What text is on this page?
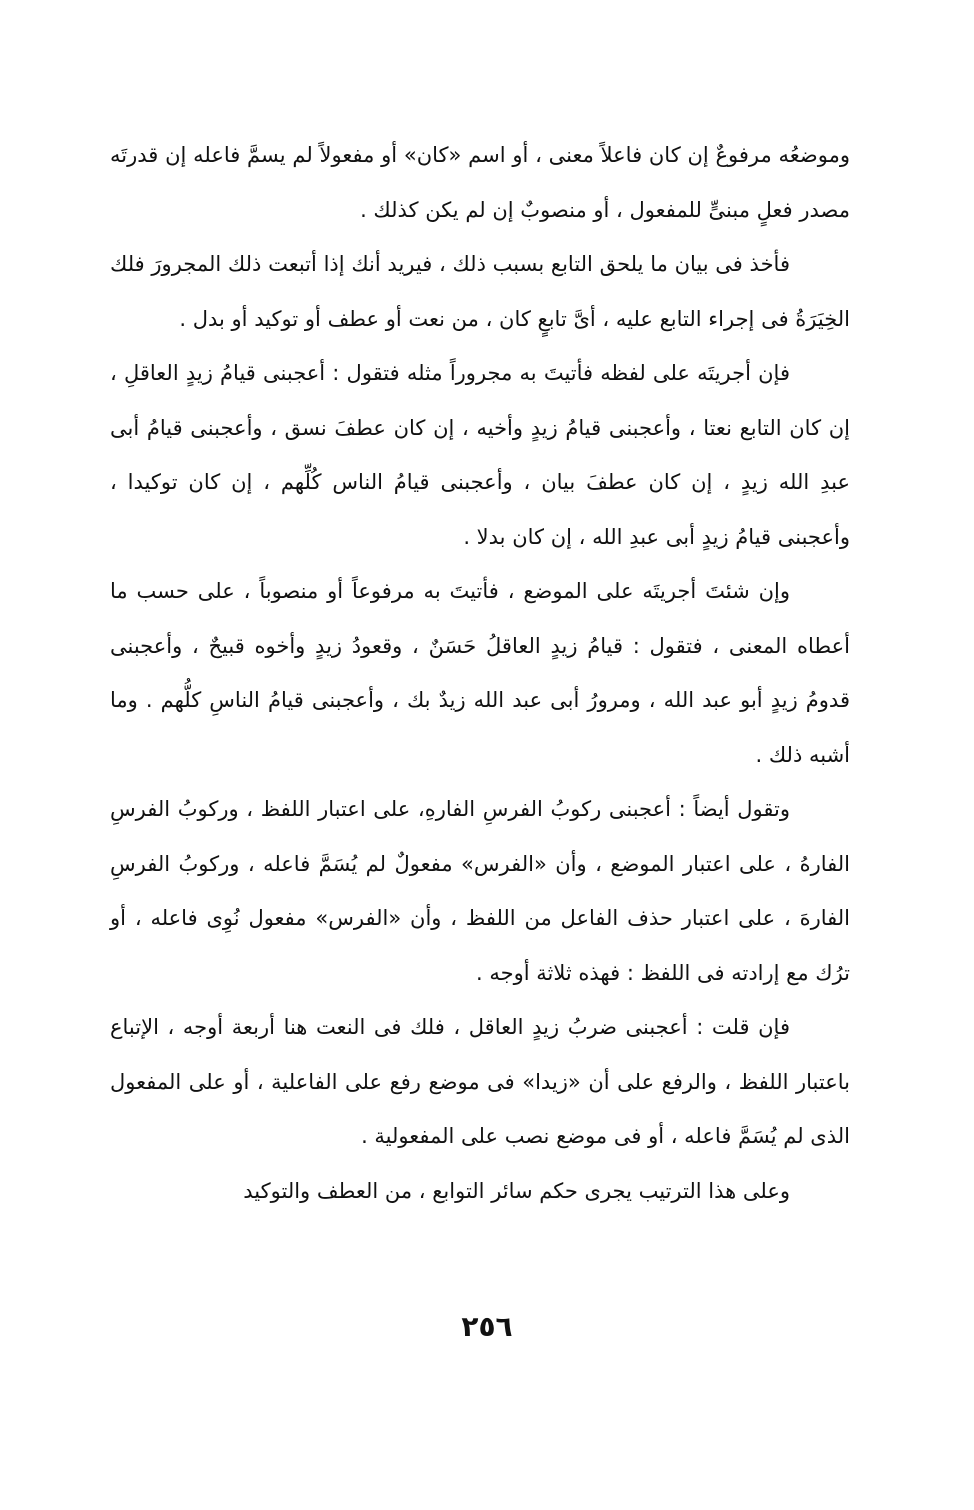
وموضعُه مرفوعٌ إن كان فاعلاً معنى ، أو اسم «كان» أو مفعولاً لم يسمَّ فاعله إن قدرتَه مصدر فعلٍ مبنىٍّ للمفعول ، أو منصوبٌ إن لم يكن كذلك .

فأخذ فى بيان ما يلحق التابع بسبب ذلك ، فيريد أنك إذا أتبعت ذلك المجرورَ فلك الخِيَرَةُ فى إجراء التابع عليه ، أىَّ تابعٍ كان ، من نعت أو عطف أو توكيد أو بدل .

فإن أجريتَه على لفظه فأتيتَ به مجروراً مثله فتقول : أعجبنى قيامُ زيدٍ العاقلِ ، إن كان التابع نعتا ، وأعجبنى قيامُ زيدٍ وأخيه ، إن كان عطفَ نسق ، وأعجبنى قيامُ أبى عبدِ الله زيدٍ ، إن كان عطفَ بيان ، وأعجبنى قيامُ الناس كُلِّهم ، إن كان توكيدا ، وأعجبنى قيامُ زيدٍ أبى عبدِ الله ، إن كان بدلا .

وإن شئتَ أجريتَه على الموضع ، فأتيتَ به مرفوعاً أو منصوباً ، على حسب ما أعطاه المعنى ، فتقول : قيامُ زيدٍ العاقلُ حَسَنٌ ، وقعودُ زيدٍ وأخوه قبيحٌ ، وأعجبنى قدومُ زيدٍ أبو عبد الله ، ومرورُ أبى عبد الله زيدٌ بك ، وأعجبنى قيامُ الناسِ كلُّهم . وما أشبه ذلك .

وتقول أيضاً : أعجبنى ركوبُ الفرسِ الفارهِ، على اعتبار اللفظ ، وركوبُ الفرسِ الفارهُ ، على اعتبار الموضع ، وأن «الفرس» مفعولٌ لم يُسَمَّ فاعله ، وركوبُ الفرسِ الفارهَ ، على اعتبار حذف الفاعل من اللفظ ، وأن «الفرس» مفعول نُوِى فاعله ، أو ترُك مع إرادته فى اللفظ : فهذه ثلاثة أوجه .

فإن قلت : أعجبنى ضربُ زيدٍ العاقل ، فلك فى النعت هنا أربعة أوجه ، الإتباع باعتبار اللفظ ، والرفع على أن «زيدا» فى موضع رفع على الفاعلية ، أو على المفعول الذى لم يُسَمَّ فاعله ، أو فى موضع نصب على المفعولية .

وعلى هذا الترتيب يجرى حكم سائر التوابع ، من العطف والتوكيد

٢٥٦
